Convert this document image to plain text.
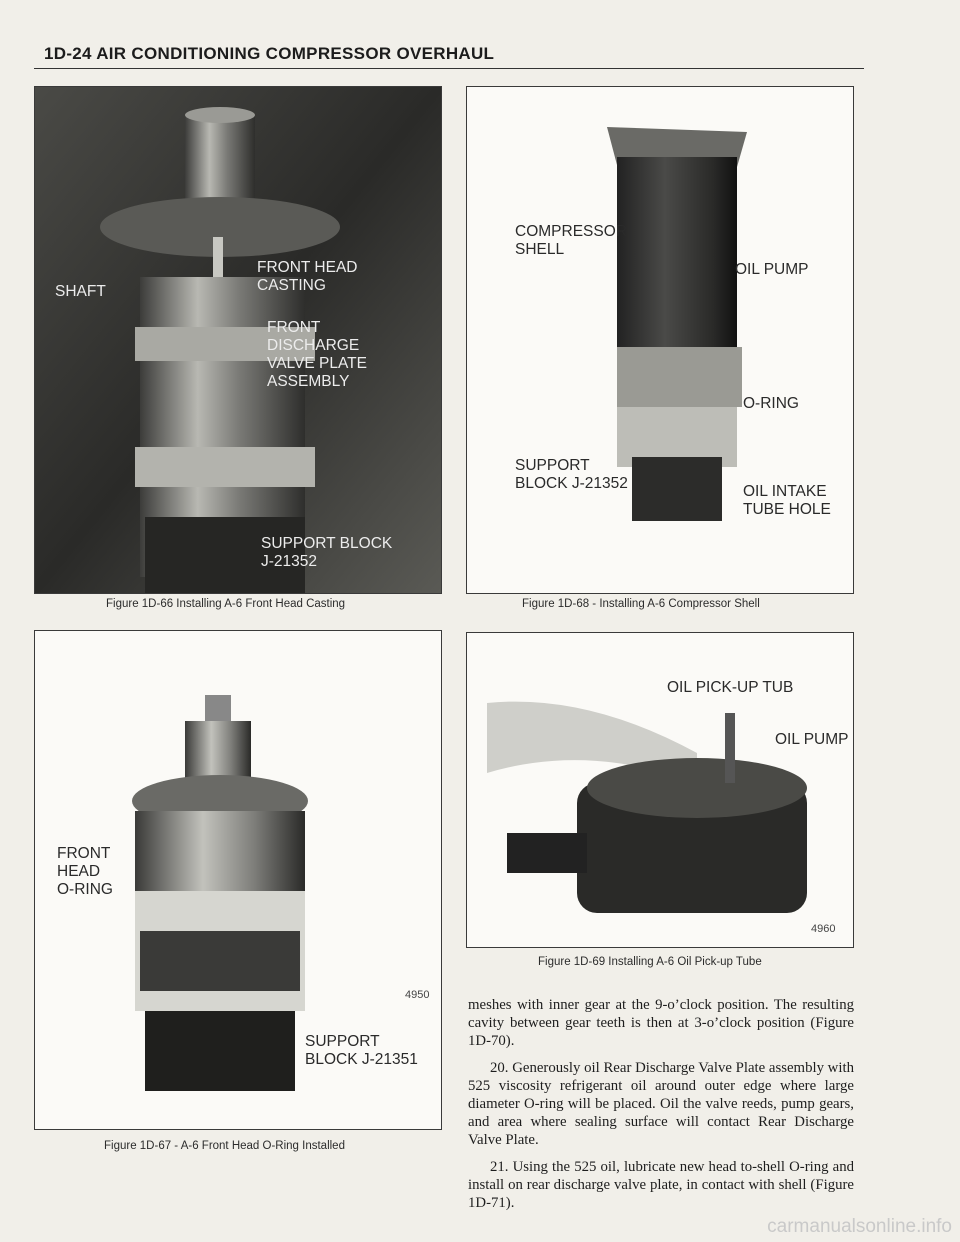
1D-24 AIR CONDITIONING COMPRESSOR OVERHAUL
SHAFT
FRONT HEAD
CASTING
FRONT
DISCHARGE
VALVE PLATE
ASSEMBLY
SUPPORT BLOCK
J-21352
Figure 1D-66 Installing A-6 Front Head Casting
COMPRESSOR
SHELL
OIL PUMP
O-RING
SUPPORT
BLOCK J-21352	OIL INTAKE
TUBE HOLE
Figure 1D-68 - Installing A-6 Compressor Shell
FRONT
HEAD
O-RING
4950
SUPPORT
BLOCK J-21351
Figure 1D-67 - A-6 Front Head O-Ring Installed
OIL PICK-UP TUB
OIL PUMP
4960
Figure 1D-69 Installing A-6 Oil Pick-up Tube

meshes with inner gear at the 9-o’clock position. The resulting cavity between gear teeth is then at 3-o’clock position (Figure 1D-70).

20. Generously oil Rear Discharge Valve Plate assembly with 525 viscosity refrigerant oil around outer edge where large diameter O-ring will be placed. Oil the valve reeds, pump gears, and area where sealing surface will contact Rear Discharge Valve Plate.

21. Using the 525 oil, lubricate new head to-shell O-ring and install on rear discharge valve plate, in contact with shell (Figure 1D-71).

carmanualsonline.info
